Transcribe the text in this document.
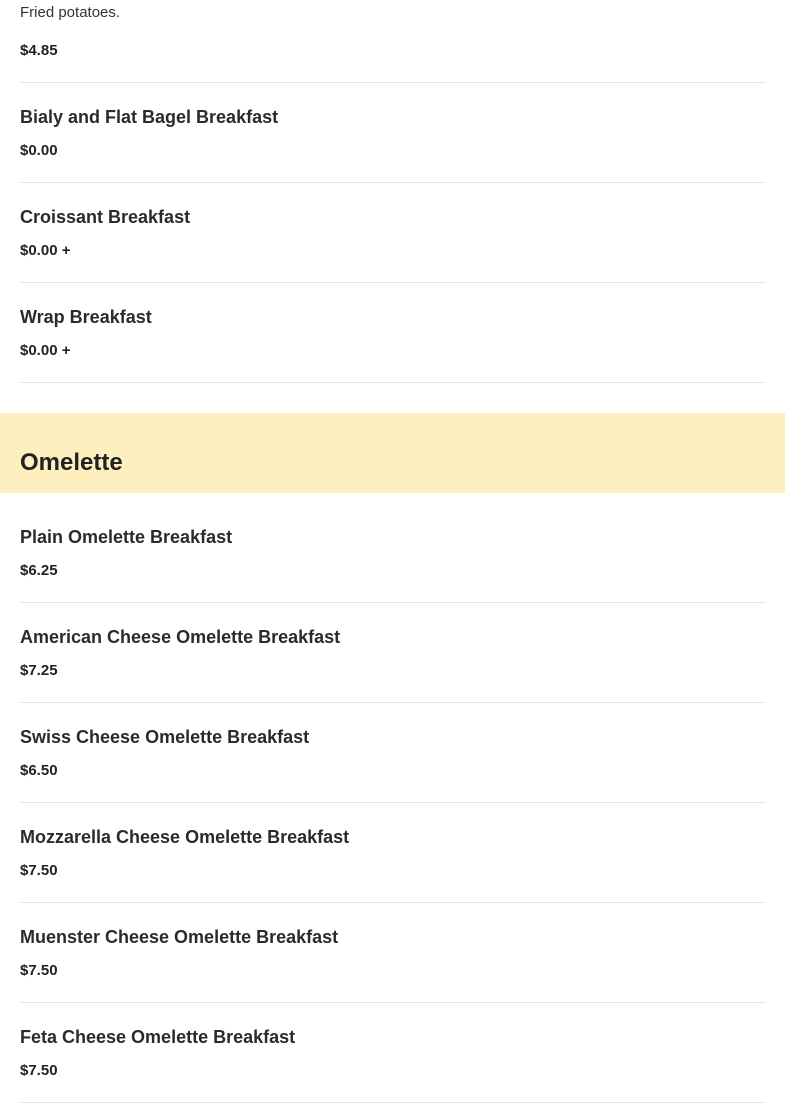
Fried potatoes.
$4.85
Bialy and Flat Bagel Breakfast
$0.00
Croissant Breakfast
$0.00 +
Wrap Breakfast
$0.00 +
Omelette
Plain Omelette Breakfast
$6.25
American Cheese Omelette Breakfast
$7.25
Swiss Cheese Omelette Breakfast
$6.50
Mozzarella Cheese Omelette Breakfast
$7.50
Muenster Cheese Omelette Breakfast
$7.50
Feta Cheese Omelette Breakfast
$7.50
